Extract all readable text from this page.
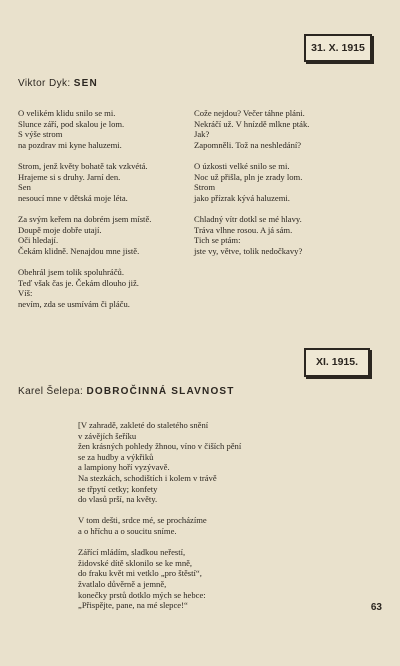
31. X. 1915
Viktor Dyk: SEN
O velikém klidu snilo se mi.
Slunce září, pod skalou je lom.
S výše strom
na pozdrav mi kyne haluzemi.
Strom, jenž květy bohatě tak vzkvétá.
Hrajeme si s druhy. Jarní den.
Sen
nesoucí mne v dětská moje léta.
Za svým keřem na dobrém jsem místě.
Doupě moje dobře utají.
Oči hledají.
Čekám klidně. Nenajdou mne jistě.
Obehrál jsem tolik spoluhráčů.
Teď však čas je. Čekám dlouho již.
Víš:
nevím, zda se usmívám či pláču.
Cože nejdou? Večer táhne pláni.
Nekráčí už. V hnízdě mlkne pták.
Jak?
Zapomněli. Tož na neshledání?
O úzkosti velké snilo se mi.
Noc už přišla, pln je zrady lom.
Strom
jako přízrak kývá haluzemi.
Chladný vítr dotkl se mé hlavy.
Tráva vlhne rosou. A já sám.
Tich se ptám:
jste vy, větve, tolik nedočkavy?
XI. 1915.
Karel Šelepa: DOBROČINNÁ SLAVNOST
[V zahradě, zakleté do staletého snění
v závějích šeříku
žen krásných pohledy žhnou, víno v čiších pění
se za hudby a výkřiků
a lampiony hoří vyzývavě.
Na stezkách, schodištích i kolem v trávě
se třpytí cetky; konfety
do vlasů prší, na květy.
V tom dešti, srdce mé, se procházíme
a o hříchu a o soucitu sníme.
Zářící mládím, sladkou neřestí,
židovské dítě sklonilo se ke mně,
do fraku květ mi vetklo „pro štěstí“,
žvatlalo důvěrně a jemně,
konečky prstů dotklo mých se hebce:
„Přispějte, pane, na mé slepce!“	63
